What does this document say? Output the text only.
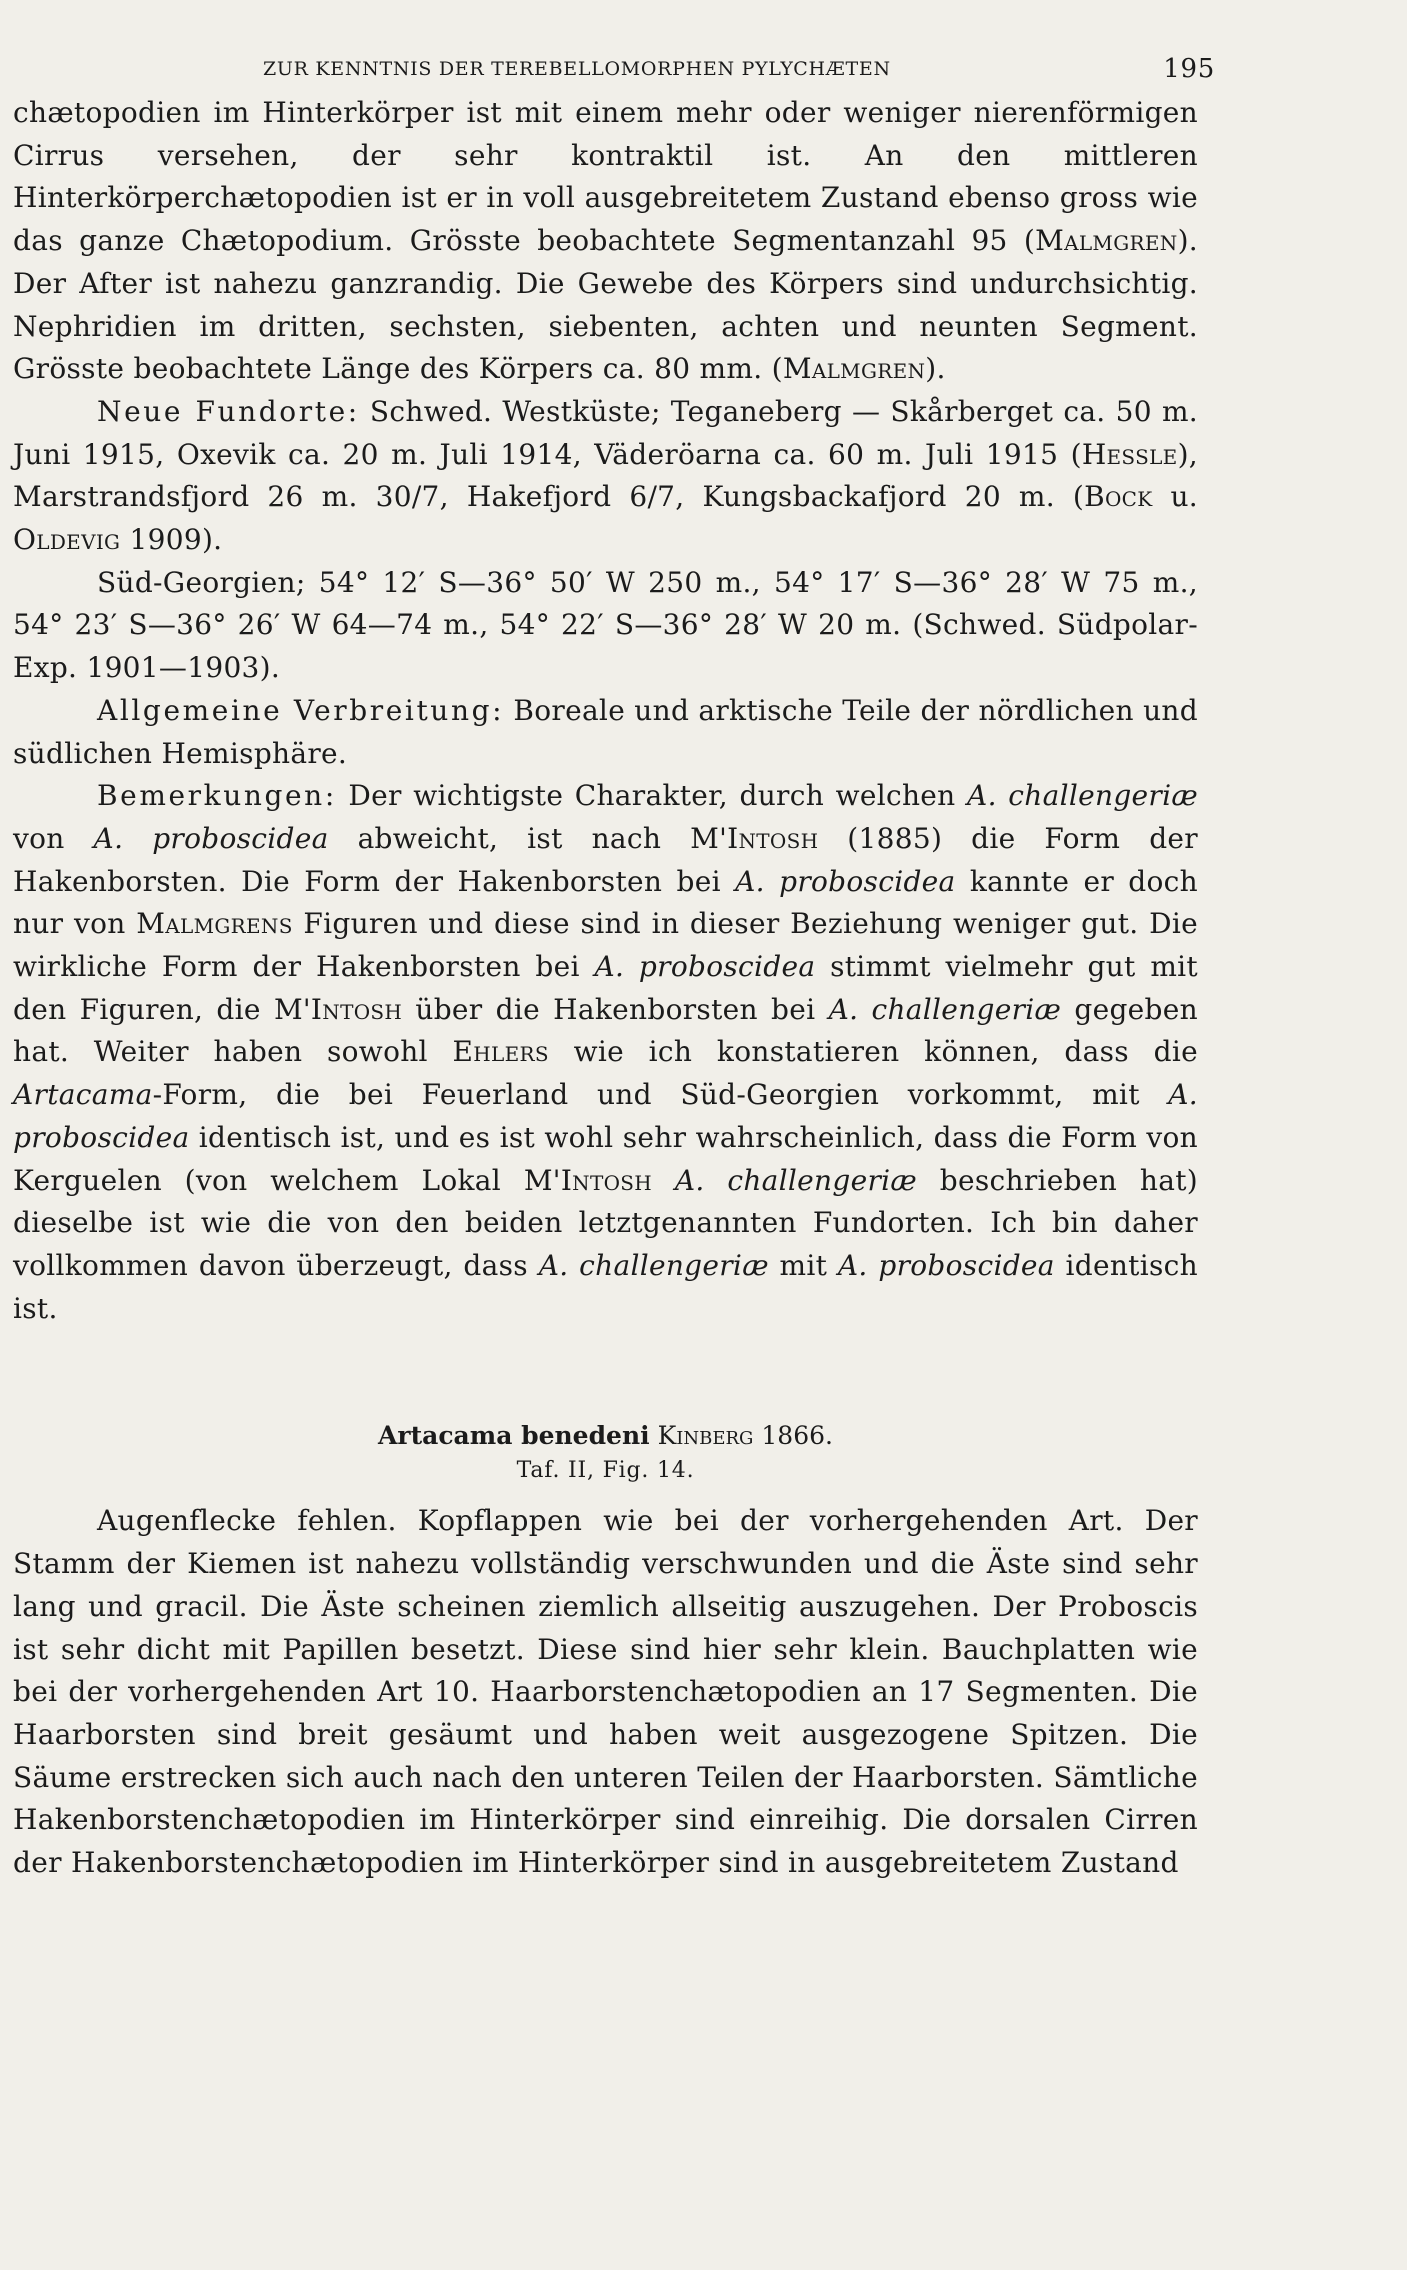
ZUR KENNTNIS DER TEREBELLOMORPHEN PYLYCHÆTEN	195

chætopodien im Hinterkörper ist mit einem mehr oder weniger nierenförmigen Cirrus versehen, der sehr kontraktil ist. An den mittleren Hinterkörperchætopodien ist er in voll ausgebreitetem Zustand ebenso gross wie das ganze Chætopodium. Grösste beobachtete Segmentanzahl 95 (Malmgren). Der After ist nahezu ganzrandig. Die Gewebe des Körpers sind undurchsichtig. Nephridien im dritten, sechsten, siebenten, achten und neunten Segment. Grösste beobachtete Länge des Körpers ca. 80 mm. (Malmgren).

Neue Fundorte: Schwed. Westküste; Teganeberg — Skårberget ca. 50 m. Juni 1915, Oxevik ca. 20 m. Juli 1914, Väderöarna ca. 60 m. Juli 1915 (Hessle), Marstrandsfjord 26 m. 30/7, Hakefjord 6/7, Kungsbackafjord 20 m. (Bock u. Oldevig 1909).

Süd-Georgien; 54° 12′ S—36° 50′ W 250 m., 54° 17′ S—36° 28′ W 75 m., 54° 23′ S—36° 26′ W 64—74 m., 54° 22′ S—36° 28′ W 20 m. (Schwed. Südpolar-Exp. 1901—1903).

Allgemeine Verbreitung: Boreale und arktische Teile der nördlichen und südlichen Hemisphäre.

Bemerkungen: Der wichtigste Charakter, durch welchen A. challengeriæ von A. proboscidea abweicht, ist nach M'Intosh (1885) die Form der Hakenborsten. Die Form der Hakenborsten bei A. proboscidea kannte er doch nur von Malmgrens Figuren und diese sind in dieser Beziehung weniger gut. Die wirkliche Form der Hakenborsten bei A. proboscidea stimmt vielmehr gut mit den Figuren, die M'Intosh über die Hakenborsten bei A. challengeriæ gegeben hat. Weiter haben sowohl Ehlers wie ich konstatieren können, dass die Artacama-Form, die bei Feuerland und Süd-Georgien vorkommt, mit A. proboscidea identisch ist, und es ist wohl sehr wahrscheinlich, dass die Form von Kerguelen (von welchem Lokal M'Intosh A. challengeriæ beschrieben hat) dieselbe ist wie die von den beiden letztgenannten Fundorten. Ich bin daher vollkommen davon überzeugt, dass A. challengeriæ mit A. proboscidea identisch ist.

Artacama benedeni Kinberg 1866.
Taf. II, Fig. 14.

Augenflecke fehlen. Kopflappen wie bei der vorhergehenden Art. Der Stamm der Kiemen ist nahezu vollständig verschwunden und die Äste sind sehr lang und gracil. Die Äste scheinen ziemlich allseitig auszugehen. Der Proboscis ist sehr dicht mit Papillen besetzt. Diese sind hier sehr klein. Bauchplatten wie bei der vorhergehenden Art 10. Haarborstenchætopodien an 17 Segmenten. Die Haarborsten sind breit gesäumt und haben weit ausgezogene Spitzen. Die Säume erstrecken sich auch nach den unteren Teilen der Haarborsten. Sämtliche Hakenborstenchætopodien im Hinterkörper sind einreihig. Die dorsalen Cirren der Hakenborstenchætopodien im Hinterkörper sind in ausgebreitetem Zustand
